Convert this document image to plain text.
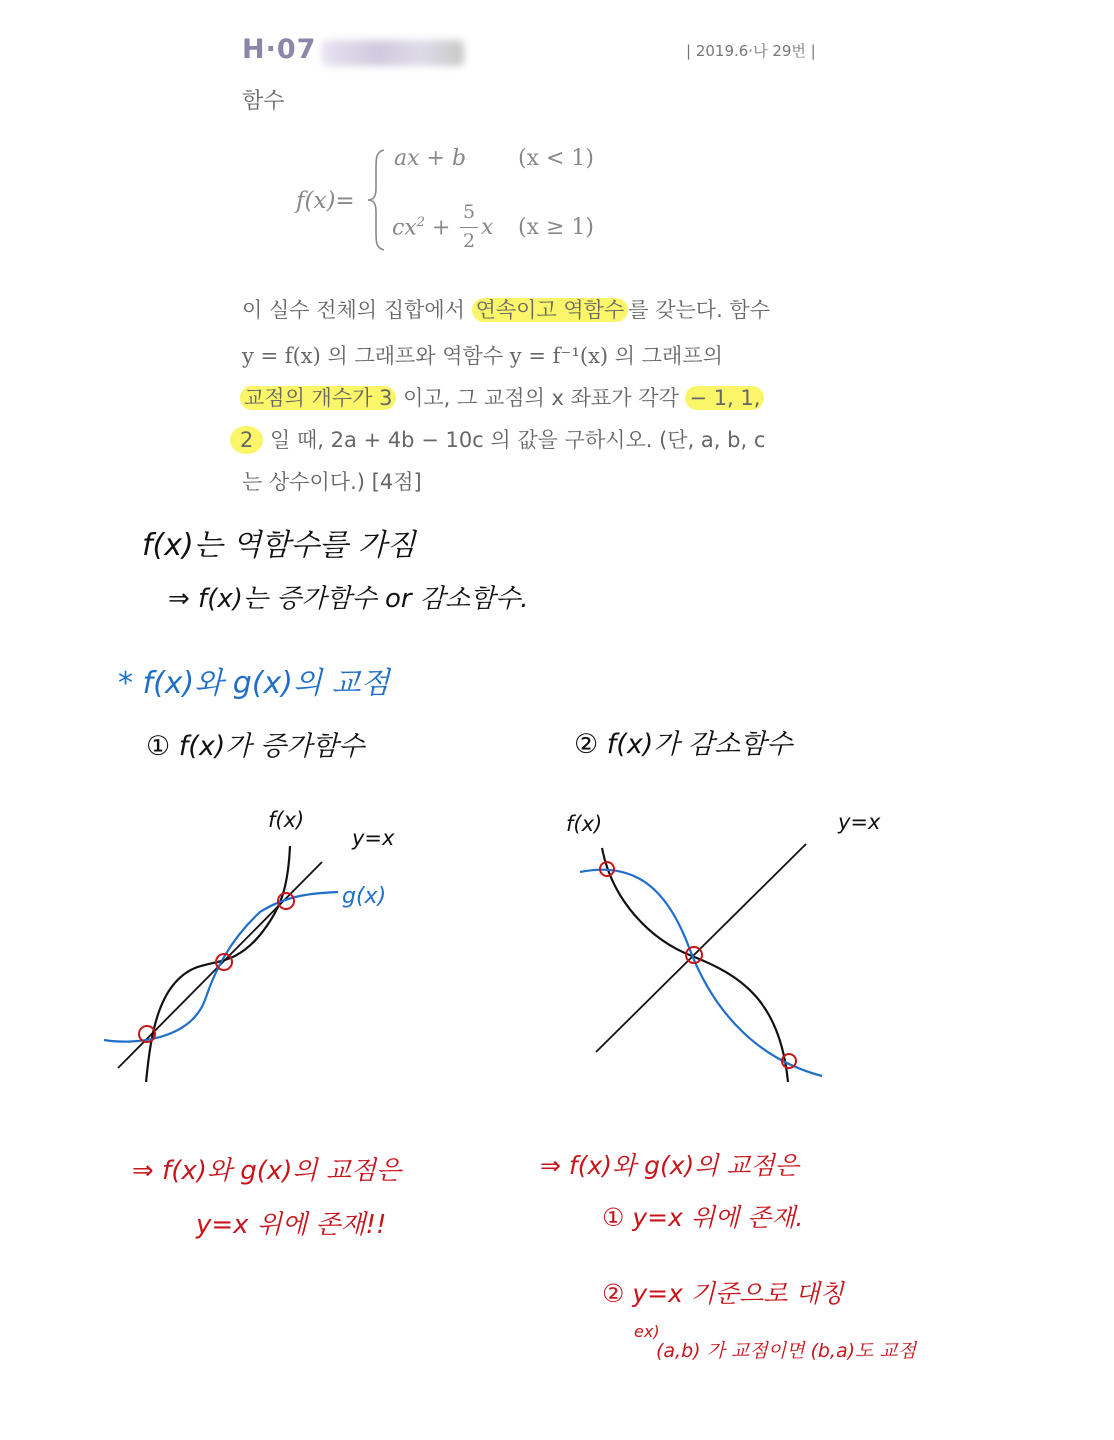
H·07	| 2019.6·나 29번 |
함수
f(x)=
ax + b (x < 1)
$cx^2$ +
5
2
x (x ≥ 1)
이 실수 전체의 집합에서 연속이고 역함수 를 갖는다. 함수
y = f(x) 의 그래프와 역함수 y = f⁻¹(x) 의 그래프의
교점의 개수가 3 이고, 그 교점의 x 좌표가 각각 − 1, 1,
2 일 때, 2a + 4b − 10c 의 값을 구하시오. (단, a, b, c
는 상수이다.) [4점]
f(x)는 역함수를 가짐
⇒ f(x)는 증가함수 or 감소함수.
* f(x)와 g(x)의 교점
① f(x)가 증가함수	② f(x)가 감소함수
f(x)
y=x
g(x)
f(x)	y=x
⇒ f(x)와 g(x)의 교점은
y=x 위에 존재!!
⇒ f(x)와 g(x)의 교점은
① y=x 위에 존재.
② y=x 기준으로 대칭
ex)
(a,b) 가 교점이면 (b,a)도 교점
